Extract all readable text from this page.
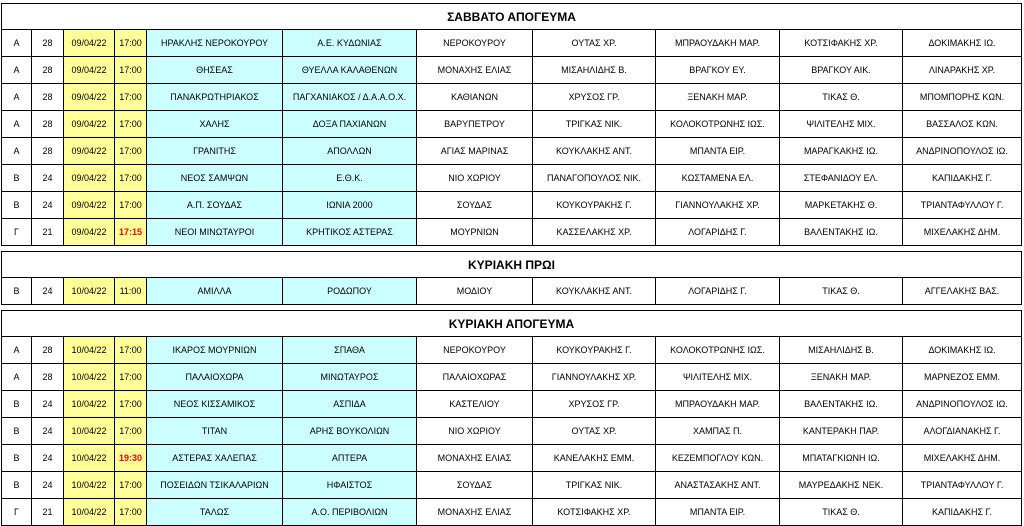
ΣΑΒΒΑΤΟ ΑΠΟΓΕΥΜΑ										
Α	28	09/04/22	17:00	ΗΡΑΚΛΗΣ ΝΕΡΟΚΟΥΡΟΥ	Α.Ε. ΚΥΔΩΝΙΑΣ	ΝΕΡΟΚΟΥΡΟΥ	ΟΥΤΑΣ ΧΡ.	ΜΠΡΑΟΥΔΑΚΗ ΜΑΡ.	ΚΟΤΣΙΦΑΚΗΣ ΧΡ.	ΔΟΚΙΜΑΚΗΣ ΙΩ.
Α	28	09/04/22	17:00	ΘΗΣΕΑΣ	ΘΥΕΛΛΑ ΚΑΛΑΘΕΝΩΝ	ΜΟΝΑΧΗΣ ΕΛΙΑΣ	ΜΙΣΑΗΛΙΔΗΣ Β.	ΒΡΑΓΚΟΥ ΕΥ.	ΒΡΑΓΚΟΥ ΑΙΚ.	ΛΙΝΑΡΑΚΗΣ ΧΡ.
Α	28	09/04/22	17:00	ΠΑΝΑΚΡΩΤΗΡΙΑΚΟΣ	ΠΑΓΧΑΝΙΑΚΟΣ / Δ.Α.Α.Ο.Χ.	ΚΑΘΙΑΝΩΝ	ΧΡΥΣΟΣ ΓΡ.	ΞΕΝΑΚΗ ΜΑΡ.	ΤΙΚΑΣ Θ.	ΜΠΟΜΠΟΡΗΣ ΚΩΝ.
Α	28	09/04/22	17:00	ΧΑΛΗΣ	ΔΟΞΑ ΠΑΧΙΑΝΩΝ	ΒΑΡΥΠΕΤΡΟΥ	ΤΡΙΓΚΑΣ ΝΙΚ.	ΚΟΛΟΚΟΤΡΩΝΗΣ ΙΩΣ.	ΨΙΛΙΤΕΛΗΣ ΜΙΧ.	ΒΑΣΣΑΛΟΣ ΚΩΝ.
Α	28	09/04/22	17:00	ΓΡΑΝΙΤΗΣ	ΑΠΟΛΛΩΝ	ΑΓΙΑΣ ΜΑΡΙΝΑΣ	ΚΟΥΚΛΑΚΗΣ ΑΝΤ.	ΜΠΑΝΤΑ ΕΙΡ.	ΜΑΡΑΓΚΑΚΗΣ ΙΩ.	ΑΝΔΡΙΝΟΠΟΥΛΟΣ ΙΩ.
Β	24	09/04/22	17:00	ΝΕΟΣ ΣΑΜΨΩΝ	Ε.Θ.Κ.	ΝΙΟ ΧΩΡΙΟΥ	ΠΑΝΑΓΟΠΟΥΛΟΣ ΝΙΚ.	ΚΩΣΤΑΜΕΝΑ ΕΛ.	ΣΤΕΦΑΝΙΔΟΥ ΕΛ.	ΚΑΠΙΔΑΚΗΣ Γ.
Β	24	09/04/22	17:00	Α.Π. ΣΟΥΔΑΣ	ΙΩΝΙΑ 2000	ΣΟΥΔΑΣ	ΚΟΥΚΟΥΡΑΚΗΣ Γ.	ΓΙΑΝΝΟΥΛΑΚΗΣ ΧΡ.	ΜΑΡΚΕΤΑΚΗΣ Θ.	ΤΡΙΑΝΤΑΦΥΛΛΟΥ Γ.
Γ	21	09/04/22	17:15	ΝΕΟΙ ΜΙΝΩΤΑΥΡΟΙ	ΚΡΗΤΙΚΟΣ ΑΣΤΕΡΑΣ	ΜΟΥΡΝΙΩΝ	ΚΑΣΣΕΛΑΚΗΣ ΧΡ.	ΛΟΓΑΡΙΔΗΣ Γ.	ΒΑΛΕΝΤΑΚΗΣ ΙΩ.	ΜΙΧΕΛΑΚΗΣ ΔΗΜ.

ΚΥΡΙΑΚΗ ΠΡΩΙ										
Β	24	10/04/22	11:00	ΑΜΙΛΛΑ	ΡΟΔΩΠΟΥ	ΜΟΔΙΟΥ	ΚΟΥΚΛΑΚΗΣ ΑΝΤ.	ΛΟΓΑΡΙΔΗΣ Γ.	ΤΙΚΑΣ Θ.	ΑΓΓΕΛΑΚΗΣ ΒΑΣ.

ΚΥΡΙΑΚΗ ΑΠΟΓΕΥΜΑ										
Α	28	10/04/22	17:00	ΙΚΑΡΟΣ ΜΟΥΡΝΙΩΝ	ΣΠΑΘΑ	ΝΕΡΟΚΟΥΡΟΥ	ΚΟΥΚΟΥΡΑΚΗΣ Γ.	ΚΟΛΟΚΟΤΡΩΝΗΣ ΙΩΣ.	ΜΙΣΑΗΛΙΔΗΣ Β.	ΔΟΚΙΜΑΚΗΣ ΙΩ.
Α	28	10/04/22	17:00	ΠΑΛΑΙΟΧΩΡΑ	ΜΙΝΩΤΑΥΡΟΣ	ΠΑΛΑΙΟΧΩΡΑΣ	ΓΙΑΝΝΟΥΛΑΚΗΣ ΧΡ.	ΨΙΛΙΤΕΛΗΣ ΜΙΧ.	ΞΕΝΑΚΗ ΜΑΡ.	ΜΑΡΝΕΖΟΣ ΕΜΜ.
Β	24	10/04/22	17:00	ΝΕΟΣ ΚΙΣΣΑΜΙΚΟΣ	ΑΣΠΙΔΑ	ΚΑΣΤΕΛΙΟΥ	ΧΡΥΣΟΣ ΓΡ.	ΜΠΡΑΟΥΔΑΚΗ ΜΑΡ.	ΒΑΛΕΝΤΑΚΗΣ ΙΩ.	ΑΝΔΡΙΝΟΠΟΥΛΟΣ ΙΩ.
Β	24	10/04/22	17:00	ΤΙΤΑΝ	ΑΡΗΣ ΒΟΥΚΟΛΙΩΝ	ΝΙΟ ΧΩΡΙΟΥ	ΟΥΤΑΣ ΧΡ.	ΧΑΜΠΑΣ Π.	ΚΑΝΤΕΡΑΚΗ ΠΑΡ.	ΑΛΟΓΔΙΑΝΑΚΗΣ Γ.
Β	24	10/04/22	19:30	ΑΣΤΕΡΑΣ ΧΑΛΕΠΑΣ	ΑΠΤΕΡΑ	ΜΟΝΑΧΗΣ ΕΛΙΑΣ	ΚΑΝΕΛΑΚΗΣ ΕΜΜ.	ΚΕΖΕΜΠΟΓΛΟΥ ΚΩΝ.	ΜΠΑΤΑΓΚΙΩΝΗ ΙΩ.	ΜΙΧΕΛΑΚΗΣ ΔΗΜ.
Β	24	10/04/22	17:00	ΠΟΣΕΙΔΩΝ ΤΣΙΚΑΛΑΡΙΩΝ	ΗΦΑΙΣΤΟΣ	ΣΟΥΔΑΣ	ΤΡΙΓΚΑΣ ΝΙΚ.	ΑΝΑΣΤΑΣΑΚΗΣ ΑΝΤ.	ΜΑΥΡΕΔΑΚΗΣ ΝΕΚ.	ΤΡΙΑΝΤΑΦΥΛΛΟΥ Γ.
Γ	21	10/04/22	17:00	ΤΑΛΩΣ	Α.Ο. ΠΕΡΙΒΟΛΙΩΝ	ΜΟΝΑΧΗΣ ΕΛΙΑΣ	ΚΟΤΣΙΦΑΚΗΣ ΧΡ.	ΜΠΑΝΤΑ ΕΙΡ.	ΤΙΚΑΣ Θ.	ΚΑΠΙΔΑΚΗΣ Γ.
